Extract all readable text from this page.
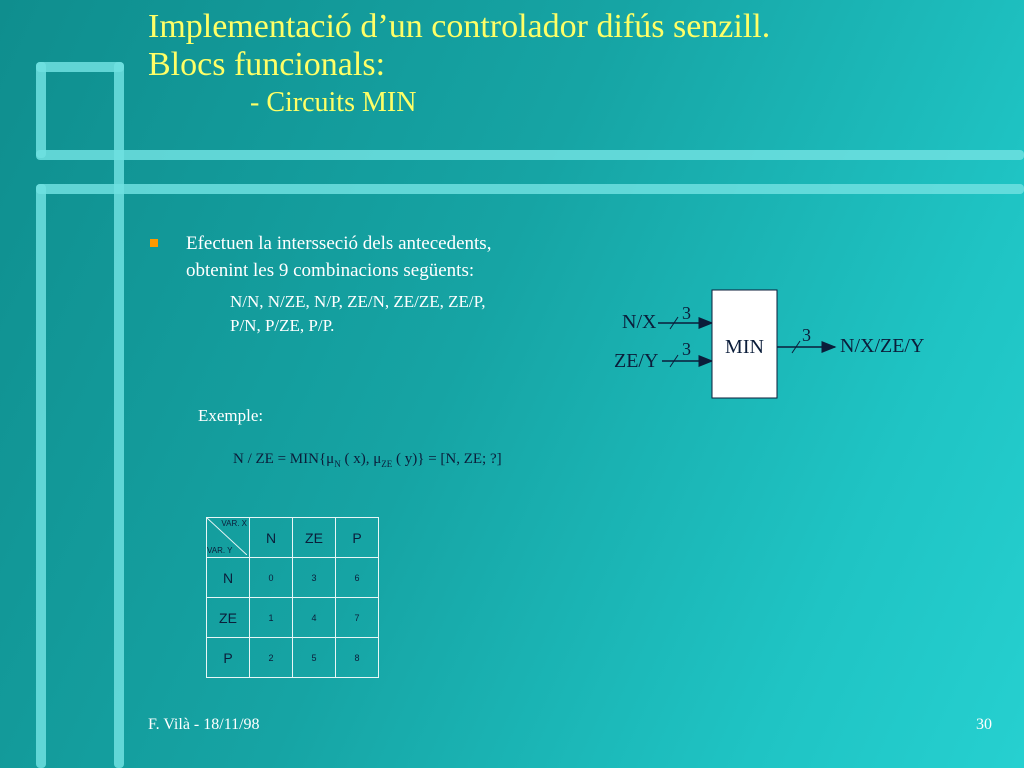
Implementació d’un controlador difús senzill.
Blocs funcionals:
- Circuits MIN
Efectuen la intersseció dels antecedents,
obtenint les 9 combinacions següents:
N/N, N/ZE, N/P, ZE/N, ZE/ZE, ZE/P,
P/N, P/ZE, P/P.	N/X 3
ZE/Y
3 MIN
3 N/X/ZE/Y
Exemple:
N / ZE = $MIN\{\mu_N$ ( x), $\mu_{ZE}$ ( y)} = [N, ZE; ?]
VAR. X
VAR. Y	N	ZE	P
N	0	3	6
ZE	1	4	7
P	2	5	8
F. Vilà - 18/11/98	30
